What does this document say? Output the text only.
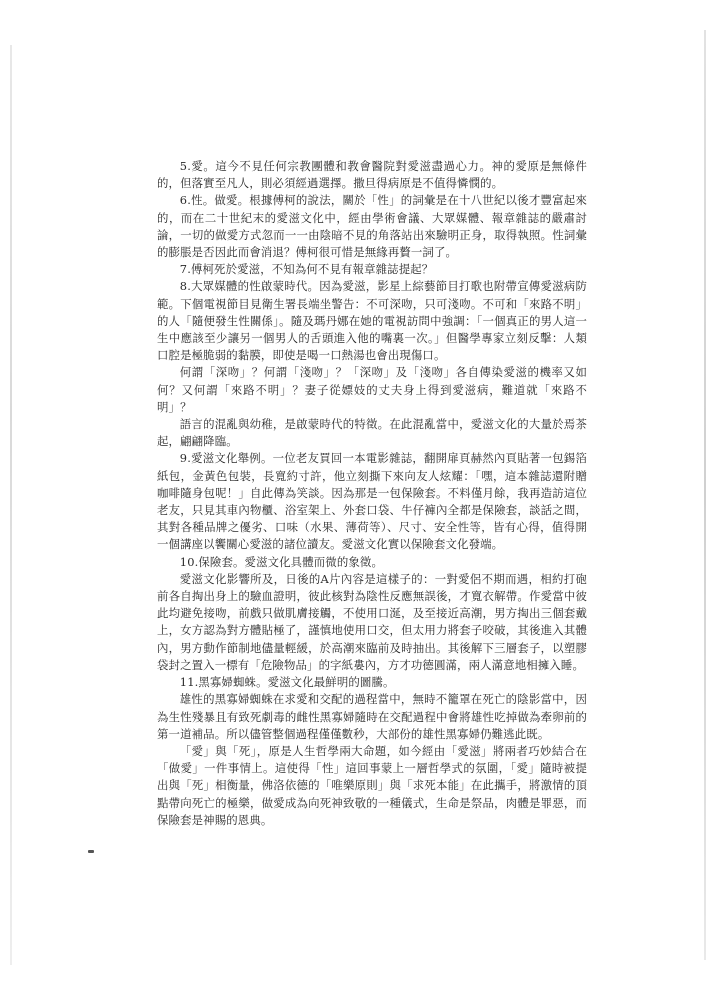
5.愛。這今不見任何宗教團體和教會醫院對愛滋盡過心力。神的愛原是無條件的，但落實至凡人，則必須經過選擇。撒旦得病原是不值得憐憫的。

6.性。做愛。根據傅柯的說法，關於「性」的詞彙是在十八世紀以後才豐富起來的，而在二十世紀末的愛滋文化中，經由學術會議、大眾媒體、報章雜誌的嚴肅討論，一切的做愛方式忽而一一由陰暗不見的角落站出來驗明正身，取得執照。性詞彙的膨脹是否因此而會消退？傅柯很可惜是無緣再贅一詞了。

7.傅柯死於愛滋，不知為何不見有報章雜誌提起？

8.大眾媒體的性啟蒙時代。因為愛滋，影星上綜藝節目打歌也附帶宣傳愛滋病防範。下個電視節目見衛生署長端坐警告：不可深吻，只可淺吻。不可和「來路不明」的人「隨便發生性關係」。隨及瑪丹娜在她的電視訪問中強調：「一個真正的男人這一生中應該至少讓另一個男人的舌頭進入他的嘴裏一次。」但醫學專家立刻反擊：人類口腔是極脆弱的黏膜，即使是喝一口熱湯也會出現傷口。

何謂「深吻」？何謂「淺吻」？「深吻」及「淺吻」各自傳染愛滋的機率又如何？又何謂「來路不明」？妻子從嫖妓的丈夫身上得到愛滋病，難道就「來路不明」？

語言的混亂與幼稚，是啟蒙時代的特徵。在此混亂當中，愛滋文化的大量於焉茶起，翩翩降臨。

9.愛滋文化舉例。一位老友買回一本電影雜誌，翻開扉頁赫然內頁貼著一包錫箔紙包，金黃色包裝，長寬約寸許，他立刻撕下來向友人炫耀：「嘿，這本雜誌還附贈咖啡隨身包呢！」自此傳為笑談。因為那是一包保險套。不料僅月餘，我再造訪這位老友，只見其車內物櫃、浴室架上、外套口袋、牛仔褲內全都是保險套，談話之間，其對各種品牌之優劣、口味（水果、薄荷等）、尺寸、安全性等，皆有心得，值得開一個講座以饗關心愛滋的諸位讀友。愛滋文化實以保險套文化發端。

10.保險套。愛滋文化具體而微的象徵。

愛滋文化影響所及，日後的A片內容是這樣子的：一對愛侶不期而遇，相約打砲前各自掏出身上的驗血證明，彼此核對為陰性反應無誤後，才寬衣解帶。作愛當中彼此均避免接吻，前戲只做肌膚接觸，不使用口涎，及至接近高潮，男方掏出三個套戴上，女方認為對方體貼極了，謹慎地使用口交，但太用力將套子咬破，其後進入其體內，男方動作節制地儘量輕緩，於高潮來臨前及時抽出。其後解下三層套子，以塑膠袋封之置入一標有「危險物品」的字紙婁內，方才功德圓滿，兩人滿意地相擁入睡。

11.黑寡婦蜘蛛。愛滋文化最鮮明的圖騰。

雄性的黑寡婦蜘蛛在求愛和交配的過程當中，無時不籠罩在死亡的陰影當中，因為生性殘暴且有致死劇毒的雌性黑寡婦隨時在交配過程中會將雄性吃掉做為牽卵前的第一道補品。所以儘管整個過程僅僅數秒，大部份的雄性黑寡婦仍難逃此既。

「愛」與「死」，原是人生哲學兩大命題，如今經由「愛滋」將兩者巧妙結合在「做愛」一件事情上。這使得「性」這回事蒙上一層哲學式的氛圍，「愛」隨時被提出與「死」相衡量，佛洛依德的「唯樂原則」與「求死本能」在此攜手，將激情的頂點帶向死亡的極樂，做愛成為向死神致敬的一種儀式，生命是祭品，肉體是罪惡，而保險套是神賜的恩典。
